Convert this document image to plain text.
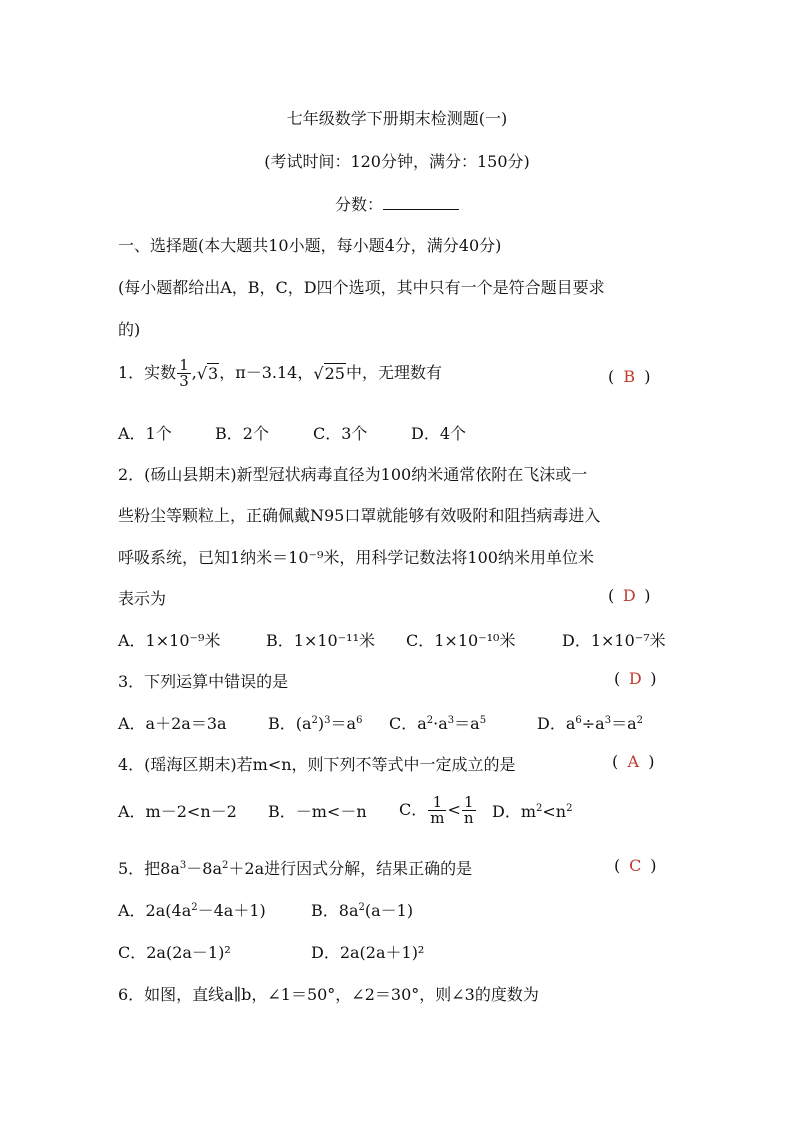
七年级数学下册期末检测题(一)
(考试时间：120分钟，满分：150分)
分数：
一、选择题(本大题共10小题，每小题4分，满分40分)
(每小题都给出A，B，C，D四个选项，其中只有一个是符合题目要求
的)
1．实数 $\frac{1}{3} ,√3$，π－3.14，√25中，无理数有	( B )
A．1个	B．2个	C．3个	D．4个
2．(砀山县期末)新型冠状病毒直径为100纳米通常依附在飞沫或一
些粉尘等颗粒上，正确佩戴N95口罩就能够有效吸附和阻挡病毒进入
呼吸系统，已知1纳米＝10⁻⁹米，用科学记数法将100纳米用单位米
表示为	( D )
A．1×10⁻⁹米	B．1×10⁻¹¹米 C．1×10⁻¹⁰米	D．1×10⁻⁷米
3．下列运算中错误的是	( D )
A．a＋2a＝3a	B．$(a^2)^3=a^6$ C．$a^2\cdot a^3=a^5$	D．$a^6\div a^3=a^2$
4．(瑶海区期末)若m<n，则下列不等式中一定成立的是	( A )
A．m－2<n－2 B．－m<－n C． $\frac{1}{m} < \frac{1}{n}$ D．$m^2<n^2$
5．把$8a^3-8a^2+2a$进行因式分解，结果正确的是	( C )
A．$2a(4a^2-4a+1)$	B．$8a^2(a-1)$
C．2a(2a－1)²	D．2a(2a＋1)²
6．如图，直线a∥b，∠1＝50°，∠2＝30°，则∠3的度数为
